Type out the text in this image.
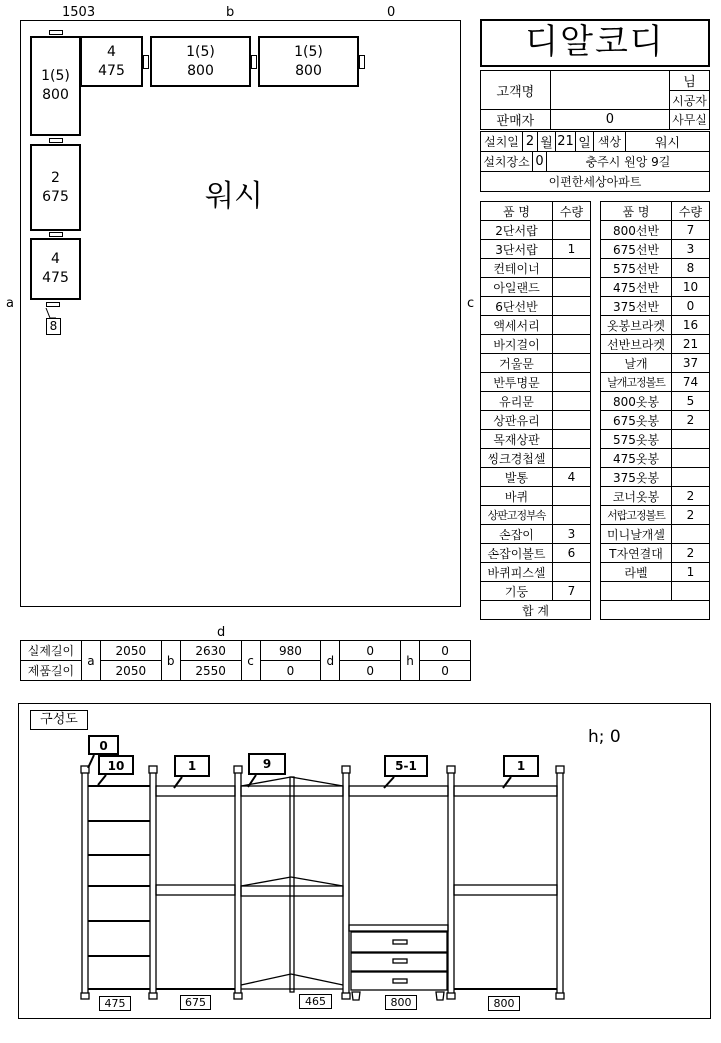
1503	b	0
a	c
d
워시
1(5)
800
4
475
1(5)
800
1(5)
800
2
675
4
475
8
디알코디
고객명		님
		시공자
판매자	0	사무실
설치일	2	월	21	일	색상	워시
설치장소	0	충주시 원앙 9길
이편한세상아파트
품 명	수량
2단서랍	
3단서랍	1
컨테이너	
아일랜드	
6단선반	
액세서리	
바지걸이	
거울문	
반투명문	
유리문	
상판유리	
목재상판	
씽크경첩셀	
발통	4
바퀴	
상판고정부속	
손잡이	3
손잡이볼트	6
바퀴피스셀	
기둥	7
합 계	
품 명	수량
800선반	7
675선반	3
575선반	8
475선반	10
375선반	0
옷봉브라켓	16
선반브라켓	21
날개	37
날개고정볼트	74
800옷봉	5
675옷봉	2
575옷봉	
475옷봉	
375옷봉	
코너옷봉	2
서랍고정볼트	2
미니날개셀	
T자연결대	2
라벨	1

실제길이	a	2050	b	2630	c	980	d	0	h	0
제품길이		2050		2550		0		0		0
구성도
h; 0
0
10	1	9	5-1	1
475	675	465	800	800
